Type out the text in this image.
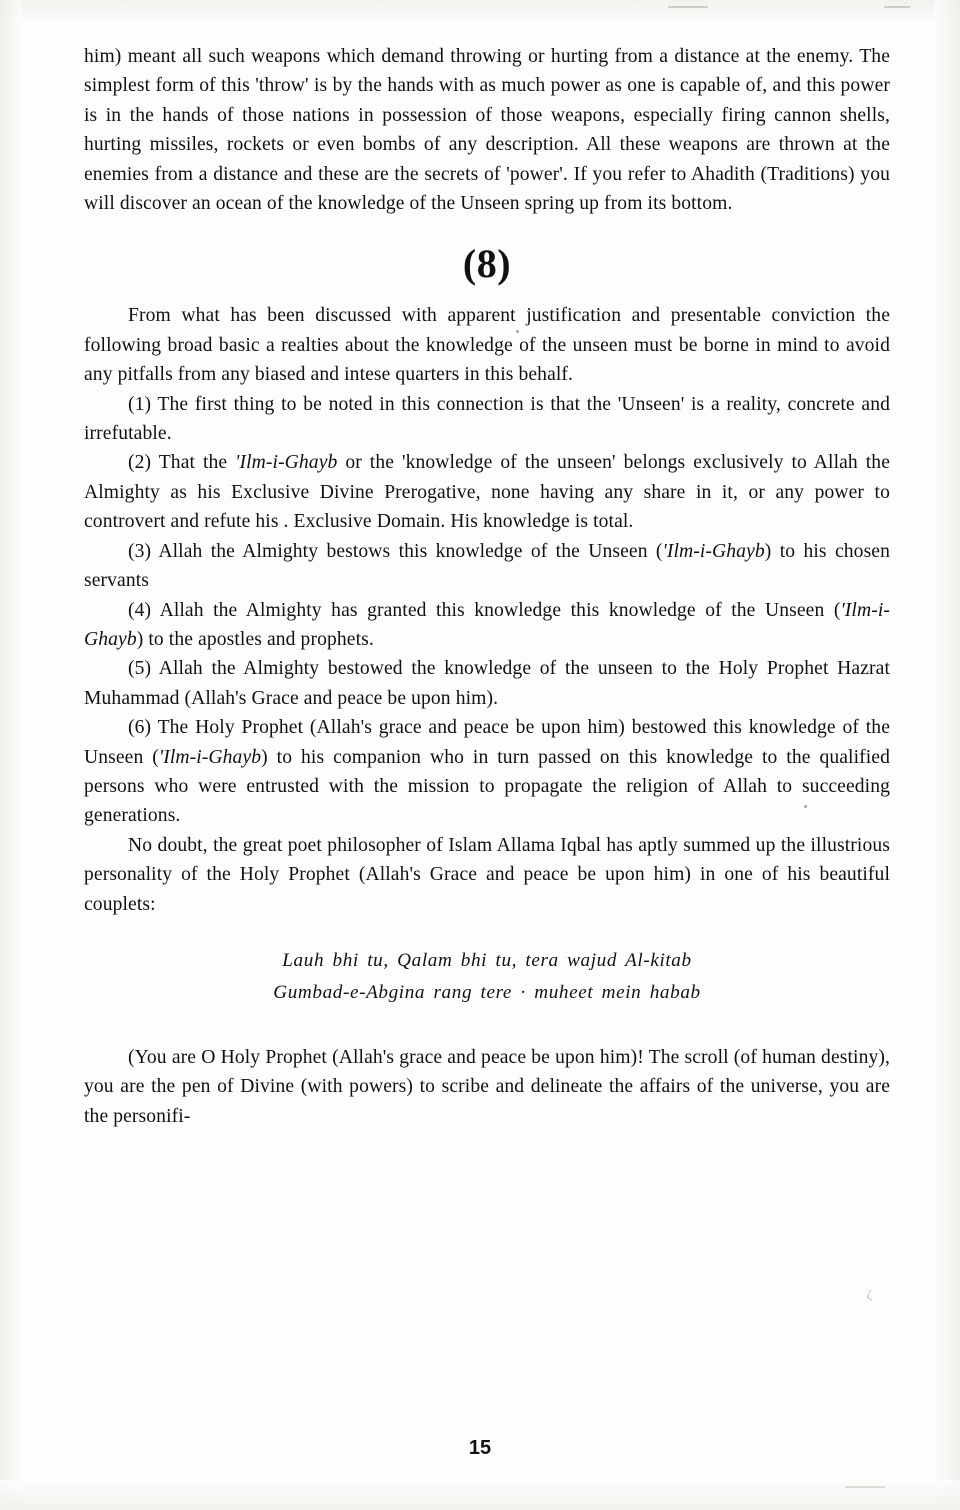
him) meant all such weapons which demand throwing or hurting from a distance at the enemy. The simplest form of this 'throw' is by the hands with as much power as one is capable of, and this power is in the hands of those nations in possession of those weapons, especially firing cannon shells, hurting missiles, rockets or even bombs of any description. All these weapons are thrown at the enemies from a distance and these are the secrets of 'power'. If you refer to Ahadith (Traditions) you will discover an ocean of the knowledge of the Unseen spring up from its bottom.

(8)

From what has been discussed with apparent justification and presentable conviction the following broad basic a realties about the knowledge of the unseen must be borne in mind to avoid any pitfalls from any biased and intese quarters in this behalf.

(1) The first thing to be noted in this connection is that the 'Unseen' is a reality, concrete and irrefutable.

(2) That the 'Ilm-i-Ghayb or the 'knowledge of the unseen' belongs exclusively to Allah the Almighty as his Exclusive Divine Prerogative, none having any share in it, or any power to controvert and refute his . Exclusive Domain. His knowledge is total.

(3) Allah the Almighty bestows this knowledge of the Unseen ('Ilm-i-Ghayb) to his chosen servants

(4) Allah the Almighty has granted this knowledge this knowledge of the Unseen ('Ilm-i-Ghayb) to the apostles and prophets.

(5) Allah the Almighty bestowed the knowledge of the unseen to the Holy Prophet Hazrat Muhammad (Allah's Grace and peace be upon him).

(6) The Holy Prophet (Allah's grace and peace be upon him) bestowed this knowledge of the Unseen ('Ilm-i-Ghayb) to his companion who in turn passed on this knowledge to the qualified persons who were entrusted with the mission to propagate the religion of Allah to succeeding generations.

No doubt, the great poet philosopher of Islam Allama Iqbal has aptly summed up the illustrious personality of the Holy Prophet (Allah's Grace and peace be upon him) in one of his beautiful couplets:

Lauh bhi tu, Qalam bhi tu, tera wajud Al-kitab
Gumbad-e-Abgina rang tere · muheet mein habab

(You are O Holy Prophet (Allah's grace and peace be upon him)! The scroll (of human destiny), you are the pen of Divine (with powers) to scribe and delineate the affairs of the universe, you are the personifi-

ζ
15
